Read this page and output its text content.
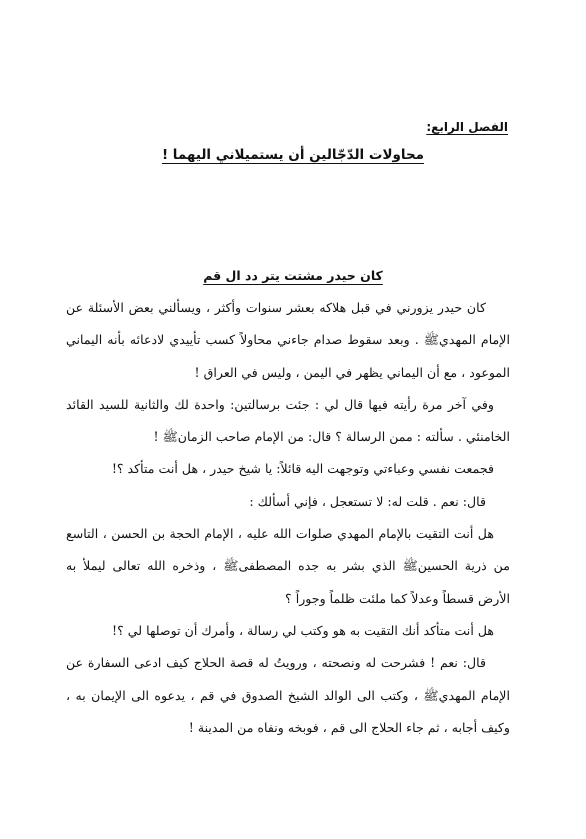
الفصل الرابع:
محاولات الدّجّالين أن يستميلاني اليهما !
كان حيدر مشتت يتر دد ال قم
كان حيدر يزورني في قبل هلاكه بعشر سنوات وأكثر ، ويسألني بعض الأسئلة عن
الإمام المهديﷺ . وبعد سقوط صدام جاءني محاولاً كسب تأييدي لادعائه بأنه اليماني
الموعود ، مع أن اليماني يظهر في اليمن ، وليس في العراق !
وفي آخر مرة رأيته فيها قال لي : جئت برسالتين: واحدة لك والثانية للسيد القائد
الخامنئي . سألته : ممن الرسالة ؟ قال: من الإمام صاحب الزمانﷺ !
فجمعت نفسي وعباءتي وتوجهت اليه قائلاً: يا شيخ حيدر ، هل أنت متأكد ؟!
قال: نعم . قلت له: لا تستعجل ، فإني أسألك :
هل أنت التقيت بالإمام المهدي صلوات الله عليه ، الإمام الحجة بن الحسن ، التاسع
من ذرية الحسينﷺ الذي بشر به جده المصطفىﷺ ، وذخره الله تعالى ليملأ به
الأرض قسطاً وعدلاً كما ملئت ظلماً وجوراً ؟
هل أنت متأكد أنك التقيت به هو وكتب لي رسالة ، وأمرك أن توصلها لي ؟!
قال: نعم ! فشرحت له ونصحته ، ورويتُ له قصة الحلاج كيف ادعى السفارة عن
الإمام المهديﷺ ، وكتب الى الوالد الشيخ الصدوق في قم ، يدعوه الى الإيمان به ،
وكيف أجابه ، ثم جاء الحلاج الى قم ، فوبخه ونفاه من المدينة !
